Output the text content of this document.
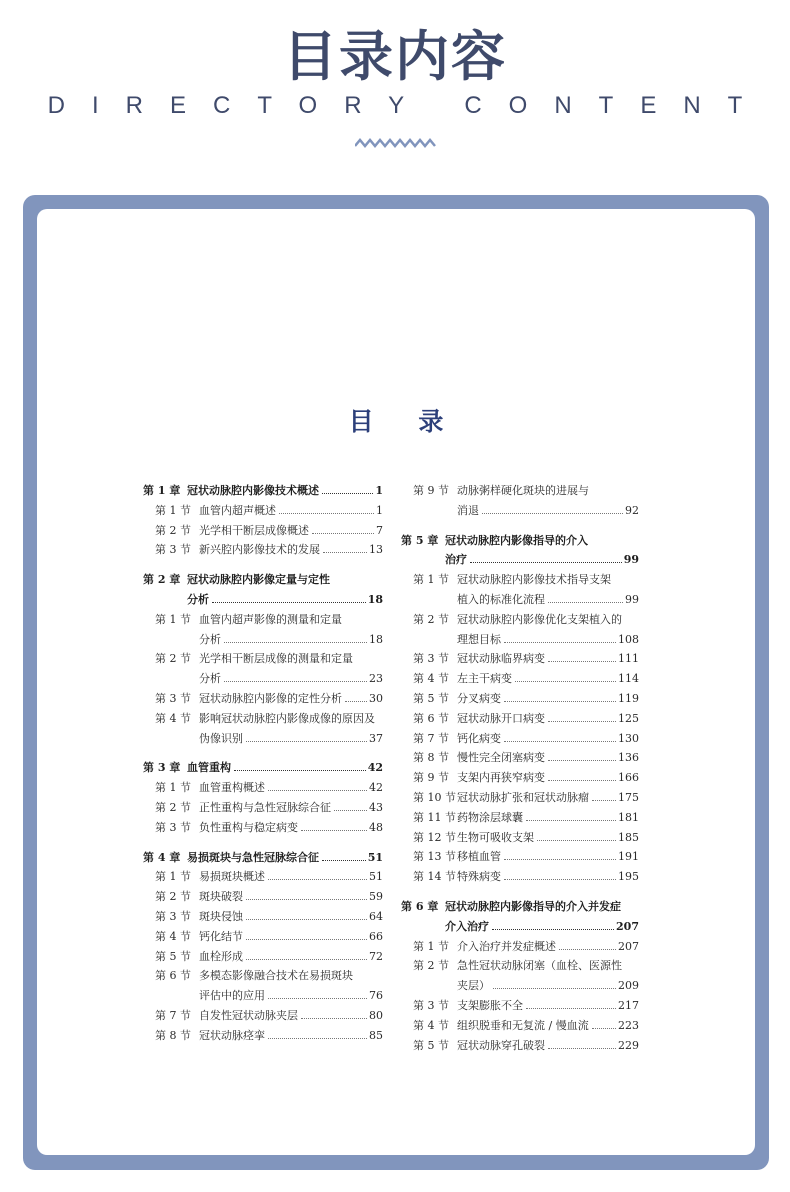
目录内容
DIRECTORY CONTENT
目 录
第 1 章 冠状动脉腔内影像技术概述	1
第 1 节 血管内超声概述	1
第 2 节 光学相干断层成像概述	7
第 3 节 新兴腔内影像技术的发展	13
第 2 章 冠状动脉腔内影像定量与定性
分析	18
第 1 节 血管内超声影像的测量和定量
分析	18
第 2 节 光学相干断层成像的测量和定量
分析	23
第 3 节 冠状动脉腔内影像的定性分析 30
第 4 节 影响冠状动脉腔内影像成像的原因及
伪像识别	37
第 3 章 血管重构	42
第 1 节 血管重构概述	42
第 2 节 正性重构与急性冠脉综合征	43
第 3 节 负性重构与稳定病变	48
第 4 章 易损斑块与急性冠脉综合征	51
第 1 节 易损斑块概述	51
第 2 节 斑块破裂	59
第 3 节 斑块侵蚀	64
第 4 节 钙化结节	66
第 5 节 血栓形成	72
第 6 节 多模态影像融合技术在易损斑块
评估中的应用	76
第 7 节 自发性冠状动脉夹层	80
第 8 节 冠状动脉痉挛	85
第 9 节 动脉粥样硬化斑块的进展与
消退	92
第 5 章 冠状动脉腔内影像指导的介入
治疗	99
第 1 节 冠状动脉腔内影像技术指导支架
植入的标准化流程	99
第 2 节 冠状动脉腔内影像优化支架植入的
理想目标	108
第 3 节 冠状动脉临界病变	111
第 4 节 左主干病变	114
第 5 节 分叉病变	119
第 6 节 冠状动脉开口病变	125
第 7 节 钙化病变	130
第 8 节 慢性完全闭塞病变	136
第 9 节 支架内再狭窄病变	166
第 10 节 冠状动脉扩张和冠状动脉瘤	175
第 11 节 药物涂层球囊	181
第 12 节 生物可吸收支架	185
第 13 节 移植血管	191
第 14 节 特殊病变	195
第 6 章 冠状动脉腔内影像指导的介入并发症
介入治疗	207
第 1 节 介入治疗并发症概述	207
第 2 节 急性冠状动脉闭塞（血栓、医源性
夹层）	209
第 3 节 支架膨胀不全	217
第 4 节 组织脱垂和无复流 / 慢血流	223
第 5 节 冠状动脉穿孔破裂	229
